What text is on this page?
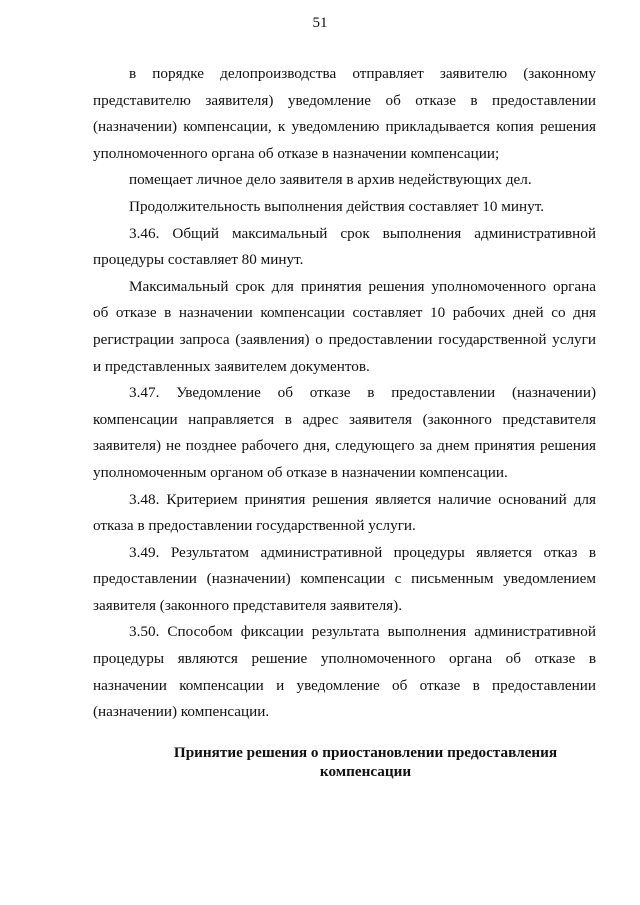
51

в порядке делопроизводства отправляет заявителю (законному представителю заявителя) уведомление об отказе в предоставлении (назначении) компенсации, к уведомлению прикладывается копия решения уполномоченного органа об отказе в назначении компенсации;

помещает личное дело заявителя в архив недействующих дел.

Продолжительность выполнения действия составляет 10 минут.

3.46. Общий максимальный срок выполнения административной процедуры составляет 80 минут.

Максимальный срок для принятия решения уполномоченного органа об отказе в назначении компенсации составляет 10 рабочих дней со дня регистрации запроса (заявления) о предоставлении государственной услуги и представленных заявителем документов.

3.47. Уведомление об отказе в предоставлении (назначении) компенсации направляется в адрес заявителя (законного представителя заявителя) не позднее рабочего дня, следующего за днем принятия решения уполномоченным органом об отказе в назначении компенсации.

3.48. Критерием принятия решения является наличие оснований для отказа в предоставлении государственной услуги.

3.49. Результатом административной процедуры является отказ в предоставлении (назначении) компенсации с письменным уведомлением заявителя (законного представителя заявителя).

3.50. Способом фиксации результата выполнения административной процедуры являются решение уполномоченного органа об отказе в назначении компенсации и уведомление об отказе в предоставлении (назначении) компенсации.

Принятие решения о приостановлении предоставления
компенсации
